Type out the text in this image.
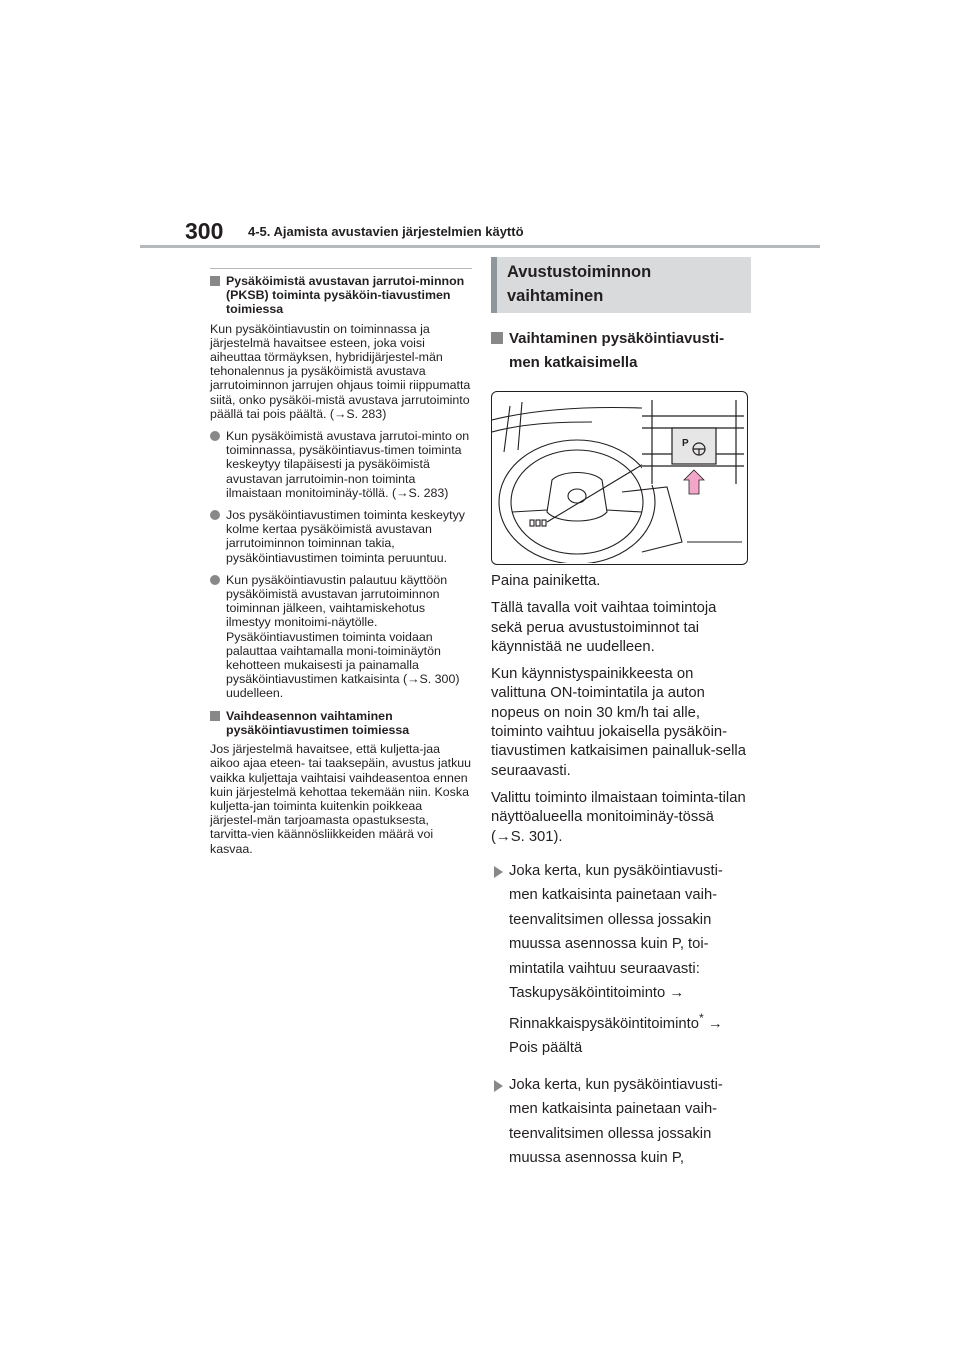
300 4-5. Ajamista avustavien järjestelmien käyttö
Pysäköimistä avustavan jarrutoi-minnon (PKSB) toiminta pysäköin-tiavustimen toimiessa
Kun pysäköintiavustin on toiminnassa ja järjestelmä havaitsee esteen, joka voisi aiheuttaa törmäyksen, hybridijärjestel-män tehonalennus ja pysäköimistä avustava jarrutoiminnon jarrujen ohjaus toimii riippumatta siitä, onko pysäköi-mistä avustava jarrutoiminto päällä tai pois päältä. (→S. 283)
Kun pysäköimistä avustava jarrutoi-minto on toiminnassa, pysäköintiavus-timen toiminta keskeytyy tilapäisesti ja pysäköimistä avustavan jarrutoimin-non toiminta ilmaistaan monitoiminäy-töllä. (→S. 283)
Jos pysäköintiavustimen toiminta keskeytyy kolme kertaa pysäköimistä avustavan jarrutoiminnon toiminnan takia, pysäköintiavustimen toiminta peruuntuu.
Kun pysäköintiavustin palautuu käyttöön pysäköimistä avustavan jarrutoiminnon toiminnan jälkeen, vaihtamiskehotus ilmestyy monitoimi-näytölle. Pysäköintiavustimen toiminta voidaan palauttaa vaihtamalla moni-toiminäytön kehotteen mukaisesti ja painamalla pysäköintiavustimen katkaisinta (→S. 300) uudelleen.
Vaihdeasennon vaihtaminen pysäköintiavustimen toimiessa
Jos järjestelmä havaitsee, että kuljetta-jaa aikoo ajaa eteen- tai taaksepäin, avustus jatkuu vaikka kuljettaja vaihtaisi vaihdeasentoa ennen kuin järjestelmä kehottaa tekemään niin. Koska kuljetta-jan toiminta kuitenkin poikkeaa järjestel-män tarjoamasta opastuksesta, tarvitta-vien käännösliikkeiden määrä voi kasvaa.
Avustustoiminnon vaihtaminen
Vaihtaminen pysäköintiavusti-men katkaisimella
P
Paina painiketta.
Tällä tavalla voit vaihtaa toimintoja sekä perua avustustoiminnot tai käynnistää ne uudelleen.
Kun käynnistyspainikkeesta on valittuna ON-toimintatila ja auton nopeus on noin 30 km/h tai alle, toiminto vaihtuu jokaisella pysäköin-tiavustimen katkaisimen painalluk-sella seuraavasti.
Valittu toiminto ilmaistaan toiminta-tilan näyttöalueella monitoiminäy-tössä (→S. 301).
Joka kerta, kun pysäköintiavusti-men katkaisinta painetaan vaih-teenvalitsimen ollessa jossakin muussa asennossa kuin P, toi-mintatila vaihtuu seuraavasti:
Taskupysäköintitoiminto →
Rinnakkaispysäköintitoiminto* →
Pois päältä
Joka kerta, kun pysäköintiavusti-men katkaisinta painetaan vaih-teenvalitsimen ollessa jossakin muussa asennossa kuin P,
